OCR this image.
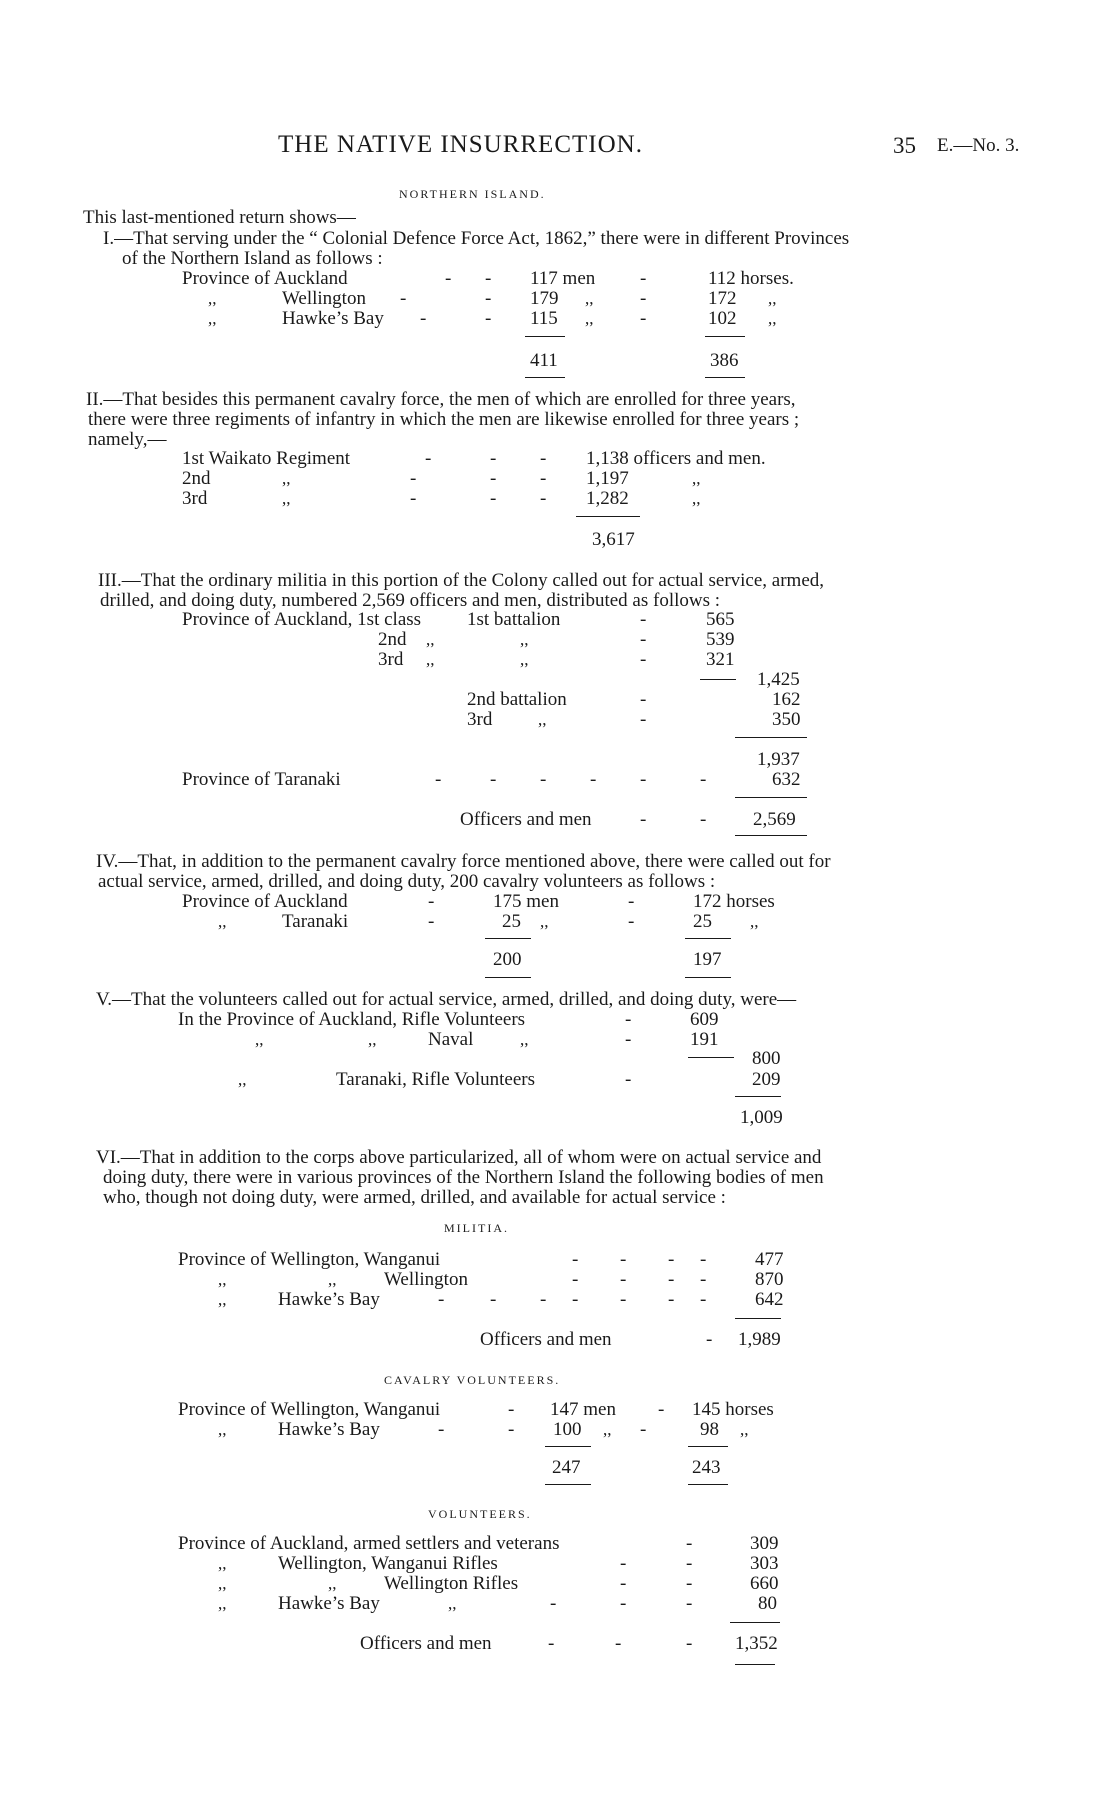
THE NATIVE INSURRECTION.	35 E.—No. 3.
NORTHERN ISLAND.
This last-mentioned return shows—
I.—That serving under the “ Colonial Defence Force Act, 1862,” there were in different Provinces
of the Northern Island as follows :
Province of Auckland	- - 117 men -	112 horses.
,,	Wellington -	- 179 ,, -	172 ,,
,,	Hawke’s Bay -	- 115 ,, -	102 ,,
411	386
II.—That besides this permanent cavalry force, the men of which are enrolled for three years,
there were three regiments of infantry in which the men are likewise enrolled for three years ;
namely,—
1st Waikato Regiment	-	- - 1,138 officers and men.
2nd	,,	-	- - 1,197	,,
3rd	,,	-	- - 1,282	,,
3,617
III.—That the ordinary militia in this portion of the Colony called out for actual service, armed,
drilled, and doing duty, numbered 2,569 officers and men, distributed as follows :
Province of Auckland, 1st class 1st battalion	-	565
2nd ,,	,,	-	539
3rd ,,	,,	-	321
1,425
2nd battalion	-	162
3rd	,,	-	350
1,937
Province of Taranaki	-	- - - -	-	632
Officers and men	-	- 2,569
IV.—That, in addition to the permanent cavalry force mentioned above, there were called out for
actual service, armed, drilled, and doing duty, 200 cavalry volunteers as follows :
Province of Auckland	-	175 men	-	172 horses
,,	Taranaki	-	25 ,,	-	25 ,,
200	197
V.—That the volunteers called out for actual service, armed, drilled, and doing duty, were—
In the Province of Auckland, Rifle Volunteers	-	609
,,	,,	Naval	,,	-	191
800
,,	Taranaki, Rifle Volunteers	-	209
1,009
VI.—That in addition to the corps above particularized, all of whom were on actual service and
doing duty, there were in various provinces of the Northern Island the following bodies of men
who, though not doing duty, were armed, drilled, and available for actual service :
MILITIA.
Province of Wellington, Wanganui	- - - -	477
,,	,,	Wellington	- - - -	870
,,	Hawke’s Bay	- - - - - - -	642
Officers and men	- 1,989
CAVALRY VOLUNTEERS.
Province of Wellington, Wanganui	- 147 men - 145 horses
,,	Hawke’s Bay	-	- 100 ,, -	98 ,,
247	243
VOLUNTEERS.
Province of Auckland, armed settlers and veterans	-	309
,,	Wellington, Wanganui Rifles	-	-	303
,,	,,	Wellington Rifles	-	-	660
,,	Hawke’s Bay	,,	-	-	-	80
Officers and men	-	-	- 1,352
